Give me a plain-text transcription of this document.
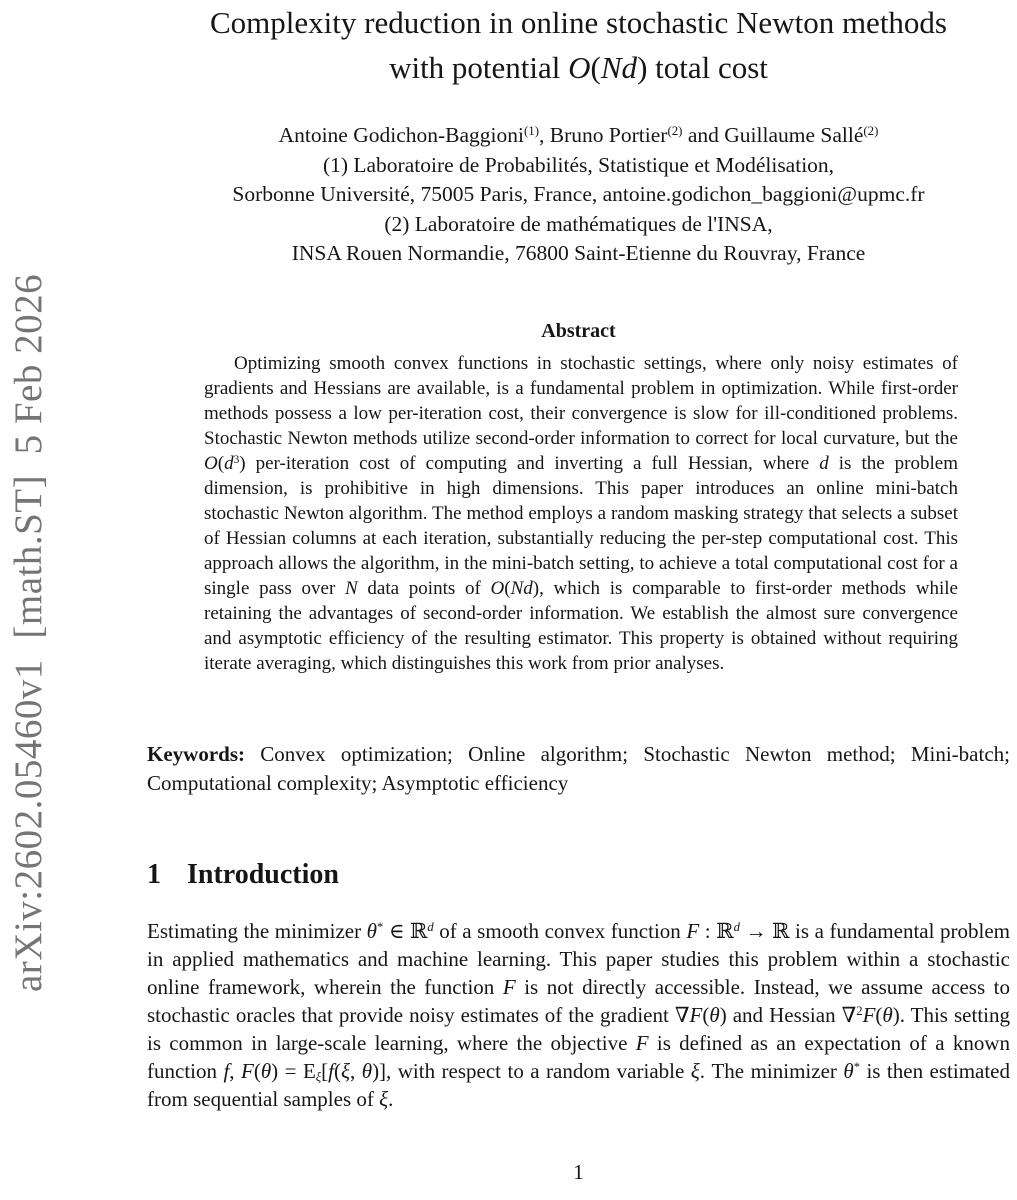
arXiv:2602.05460v1  [math.ST]  5 Feb 2026
Complexity reduction in online stochastic Newton methods
with potential O(Nd) total cost
Antoine Godichon-Baggioni$^{(1)}$, Bruno Portier$^{(2)}$ and Guillaume Sallé$^{(2)}$
(1) Laboratoire de Probabilités, Statistique et Modélisation,
Sorbonne Université, 75005 Paris, France, antoine.godichon_baggioni@upmc.fr
(2) Laboratoire de mathématiques de l'INSA,
INSA Rouen Normandie, 76800 Saint-Etienne du Rouvray, France
Abstract
Optimizing smooth convex functions in stochastic settings, where only noisy estimates of gradients and Hessians are available, is a fundamental problem in optimization. While first-order methods possess a low per-iteration cost, their convergence is slow for ill-conditioned problems. Stochastic Newton methods utilize second-order information to correct for local curvature, but the $O(d^3)$ per-iteration cost of computing and inverting a full Hessian, where d is the problem dimension, is prohibitive in high dimensions. This paper introduces an online mini-batch stochastic Newton algorithm. The method employs a random masking strategy that selects a subset of Hessian columns at each iteration, substantially reducing the per-step computational cost. This approach allows the algorithm, in the mini-batch setting, to achieve a total computational cost for a single pass over N data points of O(Nd), which is comparable to first-order methods while retaining the advantages of second-order information. We establish the almost sure convergence and asymptotic efficiency of the resulting estimator. This property is obtained without requiring iterate averaging, which distinguishes this work from prior analyses.
Keywords: Convex optimization; Online algorithm; Stochastic Newton method; Mini-batch; Computational complexity; Asymptotic efficiency
1 Introduction
Estimating the minimizer θ* ∈ ℝ$^d$ of a smooth convex function F : ℝ$^d$ → ℝ is a fundamental problem in applied mathematics and machine learning. This paper studies this problem within a stochastic online framework, wherein the function F is not directly accessible. Instead, we assume access to stochastic oracles that provide noisy estimates of the gradient ∇F(θ) and Hessian ∇$^2$F(θ). This setting is common in large-scale learning, where the objective F is defined as an expectation of a known function f, $F(\theta) = E_\xi[f(\xi$, θ)], with respect to a random variable ξ. The minimizer θ* is then estimated from sequential samples of ξ.
1
